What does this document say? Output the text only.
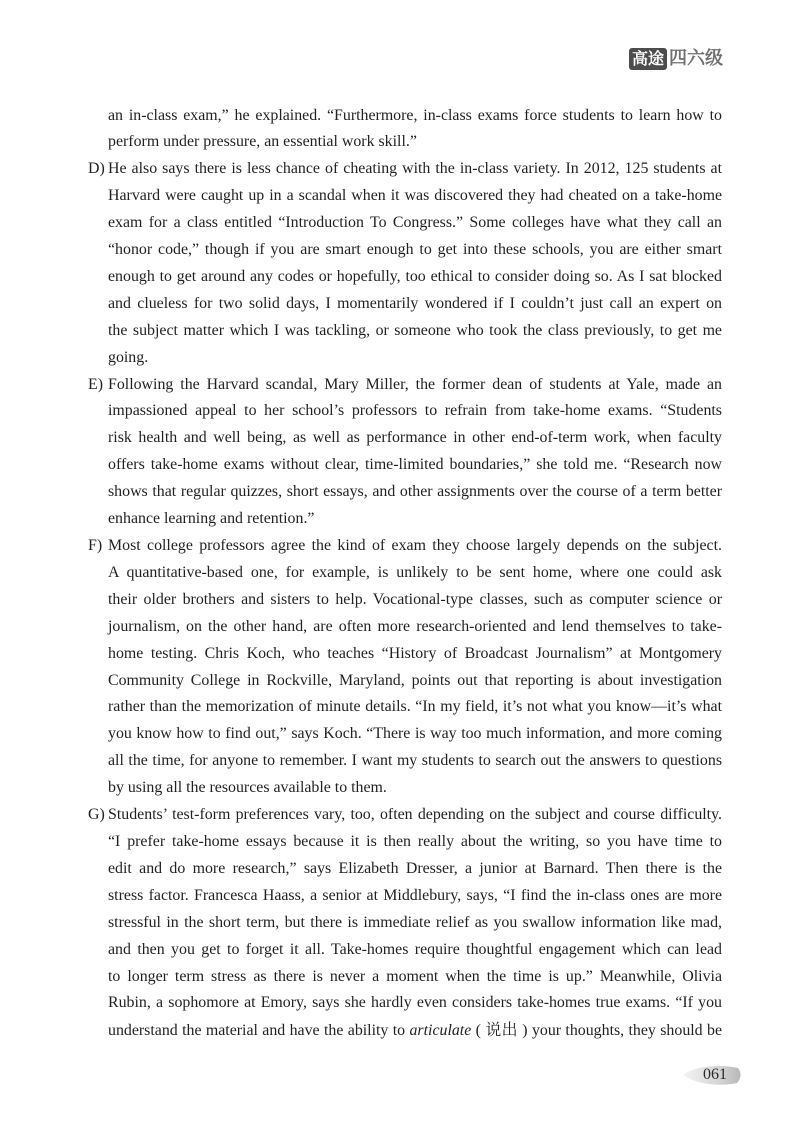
高途 四六级
an in-class exam,” he explained. “Furthermore, in-class exams force students to learn how to
perform under pressure, an essential work skill.”
D) He also says there is less chance of cheating with the in-class variety. In 2012, 125 students at
Harvard were caught up in a scandal when it was discovered they had cheated on a take-home
exam for a class entitled “Introduction To Congress.” Some colleges have what they call an
“honor code,” though if you are smart enough to get into these schools, you are either smart
enough to get around any codes or hopefully, too ethical to consider doing so. As I sat blocked
and clueless for two solid days, I momentarily wondered if I couldn’t just call an expert on
the subject matter which I was tackling, or someone who took the class previously, to get me
going.
E) Following the Harvard scandal, Mary Miller, the former dean of students at Yale, made an
impassioned appeal to her school’s professors to refrain from take-home exams. “Students
risk health and well being, as well as performance in other end-of-term work, when faculty
offers take-home exams without clear, time-limited boundaries,” she told me. “Research now
shows that regular quizzes, short essays, and other assignments over the course of a term better
enhance learning and retention.”
F) Most college professors agree the kind of exam they choose largely depends on the subject.
A quantitative-based one, for example, is unlikely to be sent home, where one could ask
their older brothers and sisters to help. Vocational-type classes, such as computer science or
journalism, on the other hand, are often more research-oriented and lend themselves to take-
home testing. Chris Koch, who teaches “History of Broadcast Journalism” at Montgomery
Community College in Rockville, Maryland, points out that reporting is about investigation
rather than the memorization of minute details. “In my field, it’s not what you know—it’s what
you know how to find out,” says Koch. “There is way too much information, and more coming
all the time, for anyone to remember. I want my students to search out the answers to questions
by using all the resources available to them.
G) Students’ test-form preferences vary, too, often depending on the subject and course difficulty.
“I prefer take-home essays because it is then really about the writing, so you have time to
edit and do more research,” says Elizabeth Dresser, a junior at Barnard. Then there is the
stress factor. Francesca Haass, a senior at Middlebury, says, “I find the in-class ones are more
stressful in the short term, but there is immediate relief as you swallow information like mad,
and then you get to forget it all. Take-homes require thoughtful engagement which can lead
to longer term stress as there is never a moment when the time is up.” Meanwhile, Olivia
Rubin, a sophomore at Emory, says she hardly even considers take-homes true exams. “If you
understand the material and have the ability to articulate ( 说出 ) your thoughts, they should be
061
